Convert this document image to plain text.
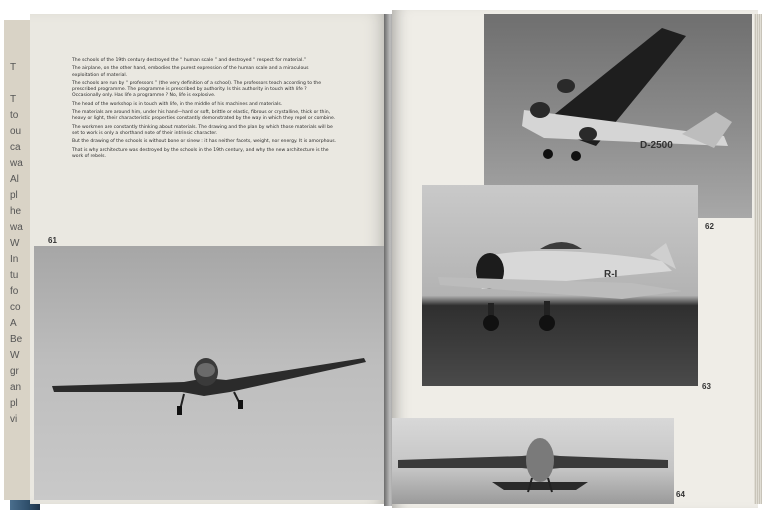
T

T
to
ou
ca
wa
Al
pl
he
wa
W
In
tu
fo
co
A
Be
W
gr
an
pl
vi

The schools of the 19th century destroyed the “ human scale ” and destroyed “ respect for material.”

The airplane, on the other hand, embodies the purest expression of the human scale and a miraculous exploitation of material.

The schools are run by “ professors ” (the very definition of a school). The professors teach according to the prescribed programme. The programme is prescribed by authority. Is this authority in touch with life ? Occasionally only. Has life a programme ? No, life is explosive.

The head of the workshop is in touch with life, in the middle of his machines and materials.

The materials are around him, under his hand—hard or soft, brittle or elastic, fibrous or crystalline, thick or thin, heavy or light, their characteristic properties constantly demonstrated by the way in which they repel or combine.

The workmen are constantly thinking about materials. The drawing and the plan by which those materials will be set to work is only a shorthand note of their intrinsic character.

But the drawing of the schools is without bone or sinew : it has neither facets, weight, nor energy. It is amorphous.

That is why architecture was destroyed by the schools in the 19th century, and why the new architecture is the work of rebels.

61
D-2500
62
R-I
63
64
